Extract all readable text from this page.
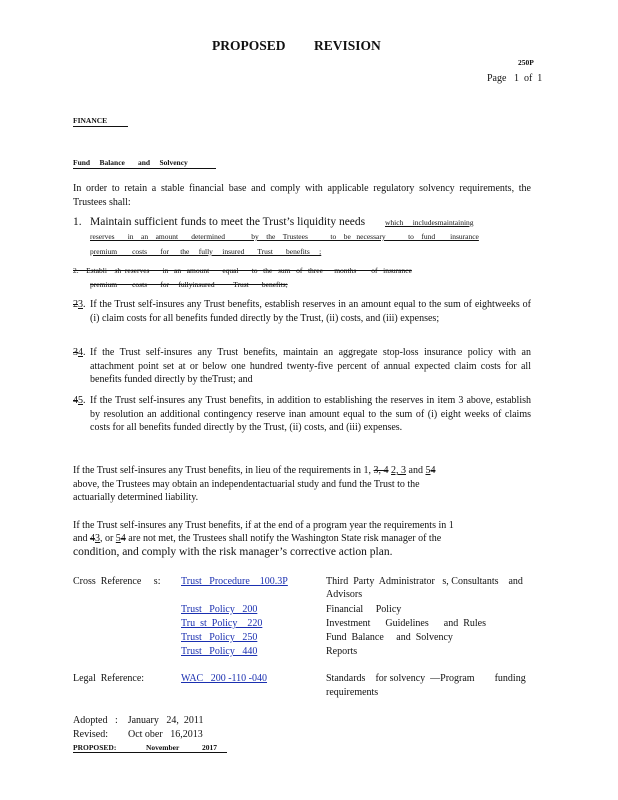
PROPOSED REVISION
250P
Page   1  of  1
FINANCE
Fund     Balance       and     Solvency
In order to retain a stable financial base and comply with applicable regulatory solvency requirements, the Trustees shall:
1. Maintain sufficient funds to meet the Trust’s liquidity needs	which     includesmaintaining
reserves       in    an    amount       determined              by    the    Trustees            to    be   necessary            to    fund        insurance
premium        costs       for      the     fully     insured       Trust       benefits     ;
2.    Establi    sh  reserves       in   an   amount       equal       to   the   sum   of   three      months        of   insurance
premium        costs       for     fullyinsured          Trust       benefits;
23. If the Trust self-insures any Trust benefits, establish reserves in an amount equal to the sum of eightweeks of (i) claim costs for all benefits funded directly by the Trust, (ii) costs, and (iii) expenses;
34. If the Trust self-insures any Trust benefits, maintain an aggregate stop-loss insurance policy with an attachment point set at or below one hundred twenty-five percent of annual expected claim costs for all benefits funded directly by theTrust; and
45. If the Trust self-insures any Trust benefits, in addition to establishing the reserves in item 3 above, establish by resolution an additional contingency reserve inan amount equal to the sum of (i) eight weeks of claims costs for all benefits funded directly by the Trust, (ii) costs, and (iii) expenses.
If the Trust self-insures any Trust benefits, in lieu of the requirements in 1, 3, 4 2, 3 and 54
above, the Trustees may obtain an independentactuarial study and fund the Trust to the
actuarially determined liability.
If the Trust self-insures any Trust benefits, if at the end of a program year the requirements in 1
and 43, or 54 are not met, the Trustees shall notify the Washington State risk manager of the
condition, and comply with the risk manager’s corrective action plan.
Cross  Reference     s: Trust   Procedure    100.3P	Third  Party  Administrator   s, Consultants    and
Advisors
Trust   Policy   200	Financial     Policy
Tru  st  Policy    220	Investment      Guidelines      and  Rules
Trust   Policy   250	Fund  Balance     and  Solvency
Trust   Policy   440	Reports
Legal  Reference:	WAC   200 -110 -040	Standards    for solvency  —Program        funding
requirements
Adopted   :    January   24,  2011
Revised:        Oct ober   16,2013
PROPOSED:	November	2017
